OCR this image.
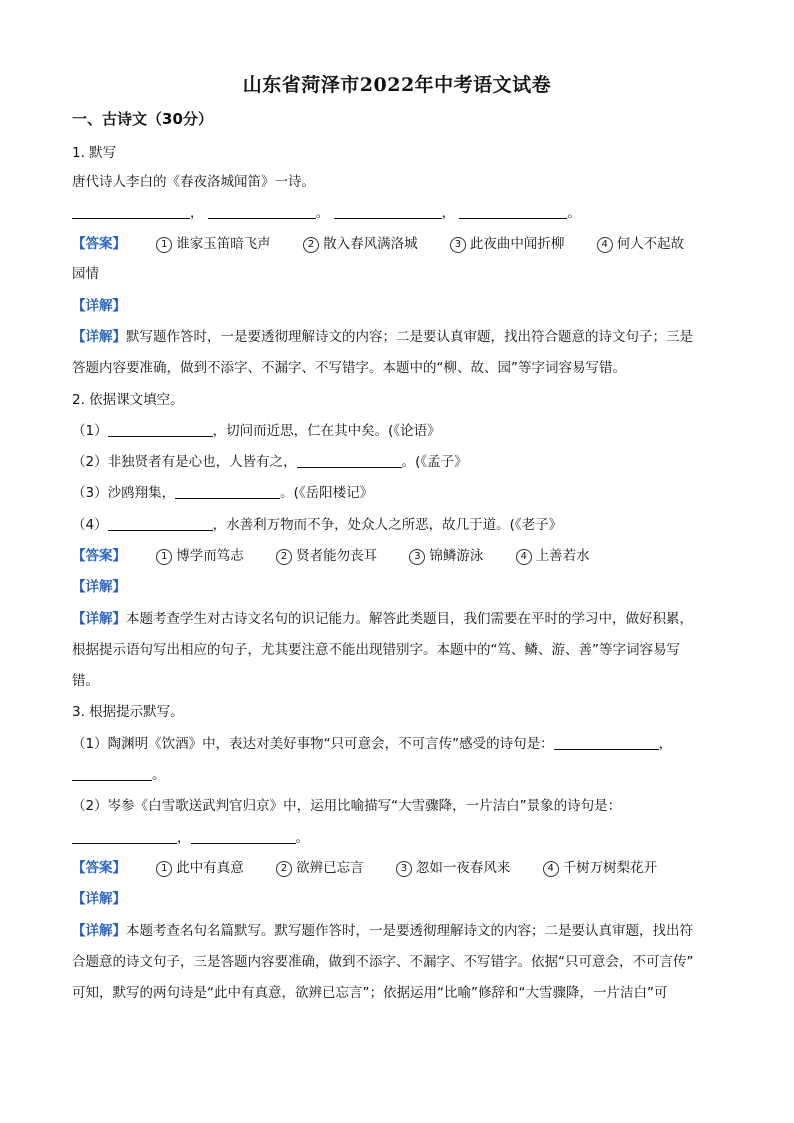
山东省菏泽市2022年中考语文试卷
一、古诗文（30分）
1. 默写
唐代诗人李白的《春夜洛城闻笛》一诗。
，	。	，	。
【答案】	1 谁家玉笛暗飞声	2 散入春风满洛城	3 此夜曲中闻折柳	4 何人不起故
园情
【详解】
【详解】默写题作答时，一是要透彻理解诗文的内容；二是要认真审题，找出符合题意的诗文句子；三是
答题内容要准确，做到不添字、不漏字、不写错字。本题中的“柳、故、园”等字词容易写错。
2. 依据课文填空。
（1）	，切问而近思，仁在其中矣。(《论语》
（2）非独贤者有是心也，人皆有之，	。(《孟子》
（3）沙鸥翔集，	。(《岳阳楼记》
（4）	，水善利万物而不争，处众人之所恶，故几于道。(《老子》
【答案】	1 博学而笃志	2 贤者能勿丧耳	3 锦鳞游泳	4 上善若水
【详解】
【详解】本题考查学生对古诗文名句的识记能力。解答此类题目，我们需要在平时的学习中，做好积累，
根据提示语句写出相应的句子，尤其要注意不能出现错别字。本题中的“笃、鳞、游、善”等字词容易写
错。
3. 根据提示默写。
（1）陶渊明《饮酒》中，表达对美好事物“只可意会，不可言传”感受的诗句是：	，
。
（2）岑参《白雪歌送武判官归京》中，运用比喻描写“大雪骤降，一片洁白”景象的诗句是：
，	。
【答案】	1 此中有真意	2 欲辨已忘言	3 忽如一夜春风来	4 千树万树梨花开
【详解】
【详解】本题考查名句名篇默写。默写题作答时，一是要透彻理解诗文的内容；二是要认真审题，找出符
合题意的诗文句子，三是答题内容要准确，做到不添字、不漏字、不写错字。依据“只可意会，不可言传”
可知，默写的两句诗是“此中有真意，欲辨已忘言”；依据运用“比喻”修辞和“大雪骤降，一片洁白”可
